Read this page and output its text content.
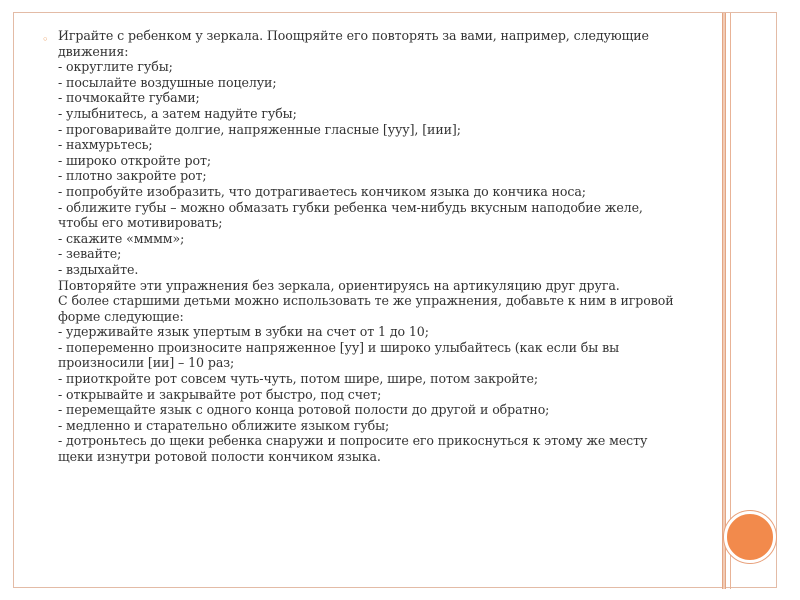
◦ Играйте с ребенком у зеркала. Поощряйте его повторять за вами, например, следующие
движения:
- округлите губы;
- посылайте воздушные поцелуи;
- почмокайте губами;
- улыбнитесь, а затем надуйте губы;
- проговаривайте долгие, напряженные гласные [ууу], [иии];
- нахмурьтесь;
- широко откройте рот;
- плотно закройте рот;
- попробуйте изобразить, что дотрагиваетесь кончиком языка до кончика носа;
- оближите губы – можно обмазать губки ребенка чем-нибудь вкусным наподобие желе,
чтобы его мотивировать;
- скажите «мммм»;
- зевайте;
- вздыхайте.
Повторяйте эти упражнения без зеркала, ориентируясь на артикуляцию друг друга.
С более старшими детьми можно использовать те же упражнения, добавьте к ним в игровой
форме следующие:
- удерживайте язык упертым в зубки на счет от 1 до 10;
- попеременно произносите напряженное [уу] и широко улыбайтесь (как если бы вы
произносили [ии] – 10 раз;
- приоткройте рот совсем чуть-чуть, потом шире, шире, потом закройте;
- открывайте и закрывайте рот быстро, под счет;
- перемещайте язык с одного конца ротовой полости до другой и обратно;
- медленно и старательно оближите языком губы;
- дотроньтесь до щеки ребенка снаружи и попросите его прикоснуться к этому же месту
щеки изнутри ротовой полости кончиком языка.
